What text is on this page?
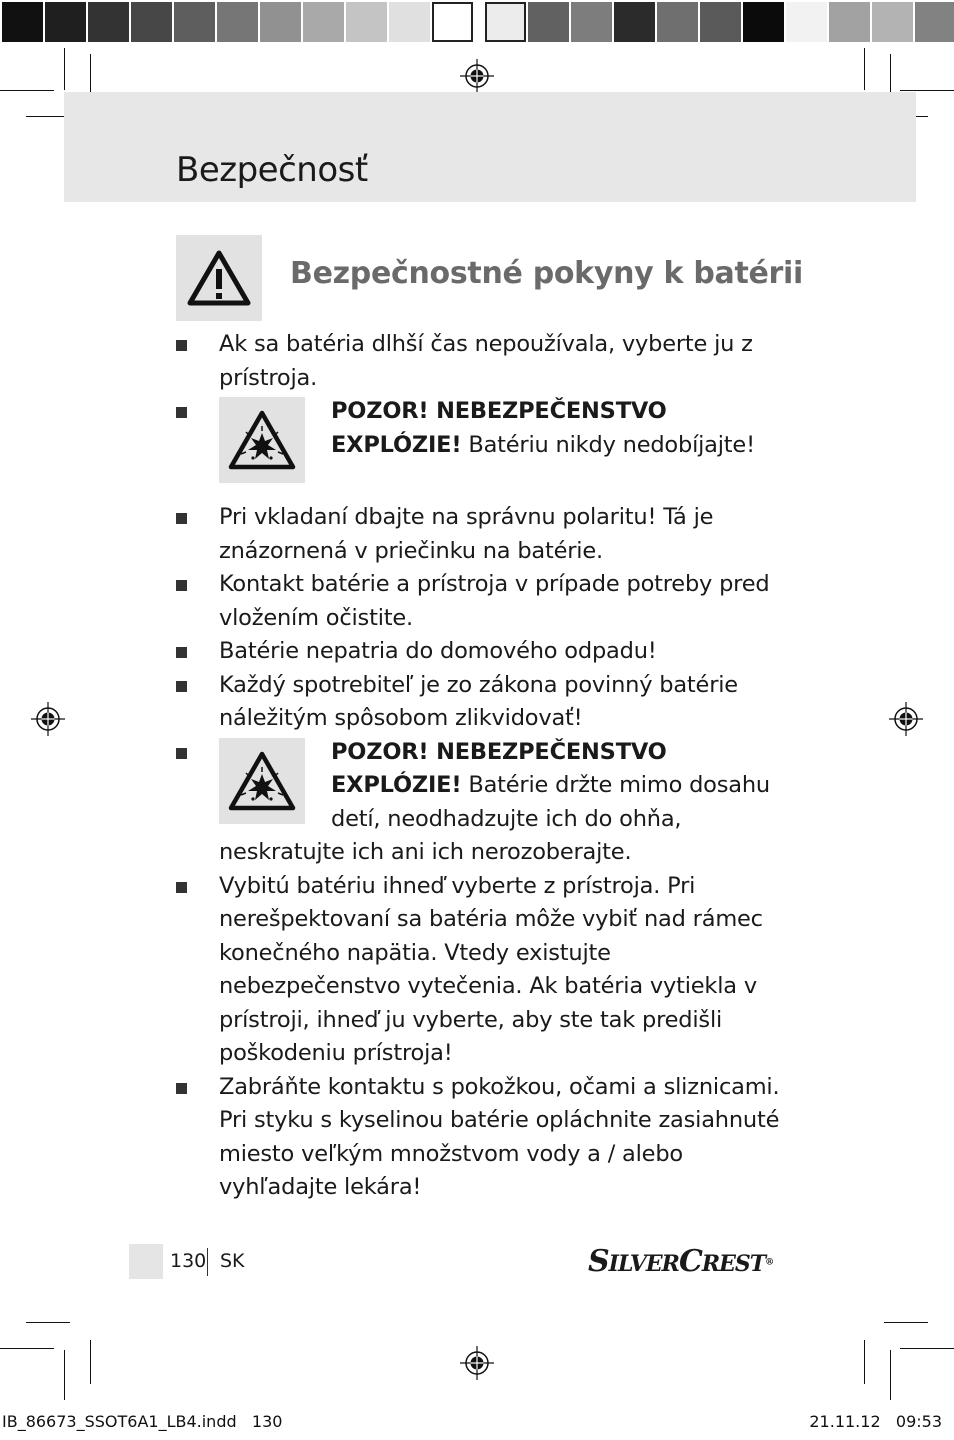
Bezpečnosť
Bezpečnostné pokyny k batérii
Ak sa batéria dlhší čas nepoužívala, vyberte ju z prístroja.
POZOR! NEBEZPEČENSTVO EXPLÓZIE! Batériu nikdy nedobíjajte!
Pri vkladaní dbajte na správnu polaritu! Tá je znázornená v priečinku na batérie.
Kontakt batérie a prístroja v prípade potreby pred vložením očistite.
Batérie nepatria do domového odpadu!
Každý spotrebiteľ je zo zákona povinný batérie náležitým spôsobom zlikvidovať!
POZOR! NEBEZPEČENSTVO EXPLÓZIE! Batérie držte mimo dosahu detí, neodhadzujte ich do ohňa, neskratujte ich ani ich nerozoberajte.
Vybitú batériu ihneď vyberte z prístroja. Pri nerešpektovaní sa batéria môže vybiť nad rámec konečného napätia. Vtedy existujte nebezpečenstvo vytečenia. Ak batéria vytiekla v prístroji, ihneď ju vyberte, aby ste tak predišli poškodeniu prístroja!
Zabráňte kontaktu s pokožkou, očami a sliznicami. Pri styku s kyselinou batérie opláchnite zasiahnuté miesto veľkým množstvom vody a / alebo vyhľadajte lekára!
130 SK	SILVERCREST®
IB_86673_SSOT6A1_LB4.indd   130	21.11.12   09:53
